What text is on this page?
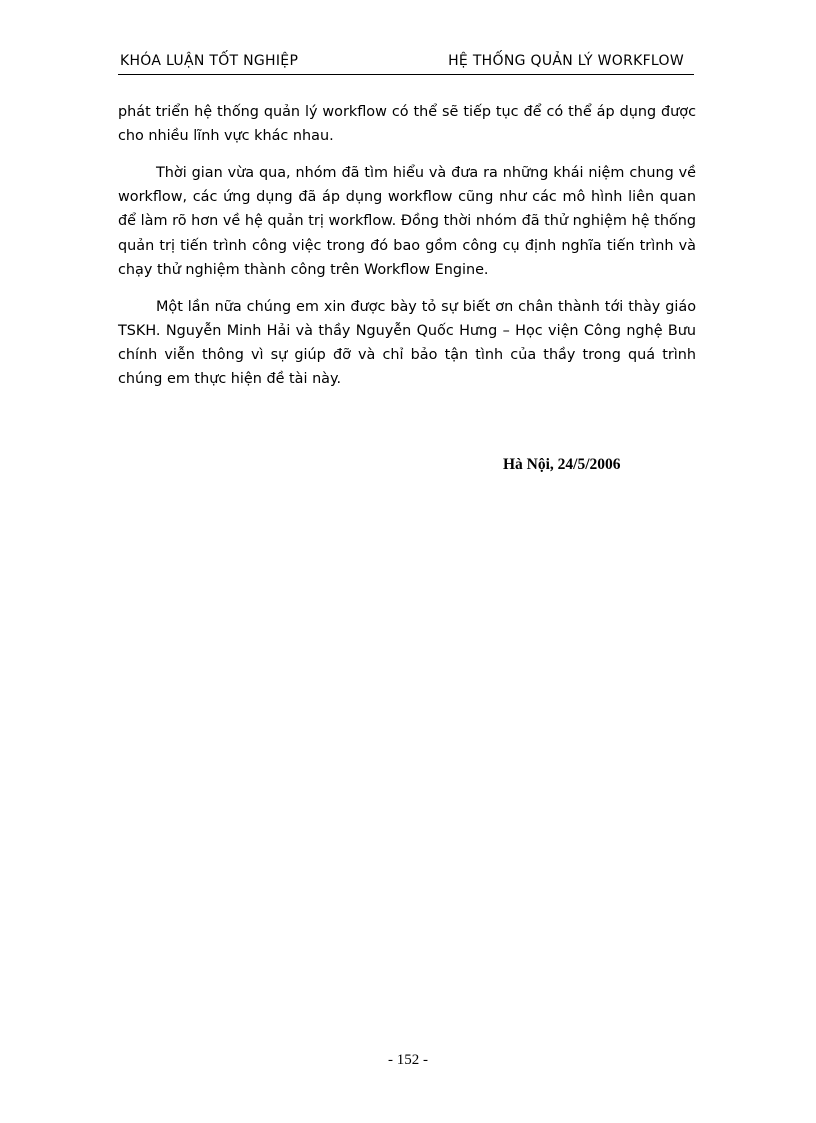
KHÓA LUẬN TỐT NGHIỆP	HỆ THỐNG QUẢN LÝ WORKFLOW

phát triển hệ thống quản lý workflow có thể sẽ tiếp tục để có thể áp dụng được cho nhiều lĩnh vực khác nhau.

Thời gian vừa qua, nhóm đã tìm hiểu và đưa ra những khái niệm chung về workflow, các ứng dụng đã áp dụng workflow cũng như các mô hình liên quan để làm rõ hơn về hệ quản trị workflow. Đồng thời nhóm đã thử nghiệm hệ thống quản trị tiến trình công việc trong đó bao gồm công cụ định nghĩa tiến trình và chạy thử nghiệm thành công trên Workflow Engine.

Một lần nữa chúng em xin được bày tỏ sự biết ơn chân thành tới thày giáo TSKH. Nguyễn Minh Hải và thầy Nguyễn Quốc Hưng – Học viện Công nghệ Bưu chính viễn thông vì sự giúp đỡ và chỉ bảo tận tình của thầy trong quá trình chúng em thực hiện đề tài này.

Hà Nội, 24/5/2006
- 152 -
